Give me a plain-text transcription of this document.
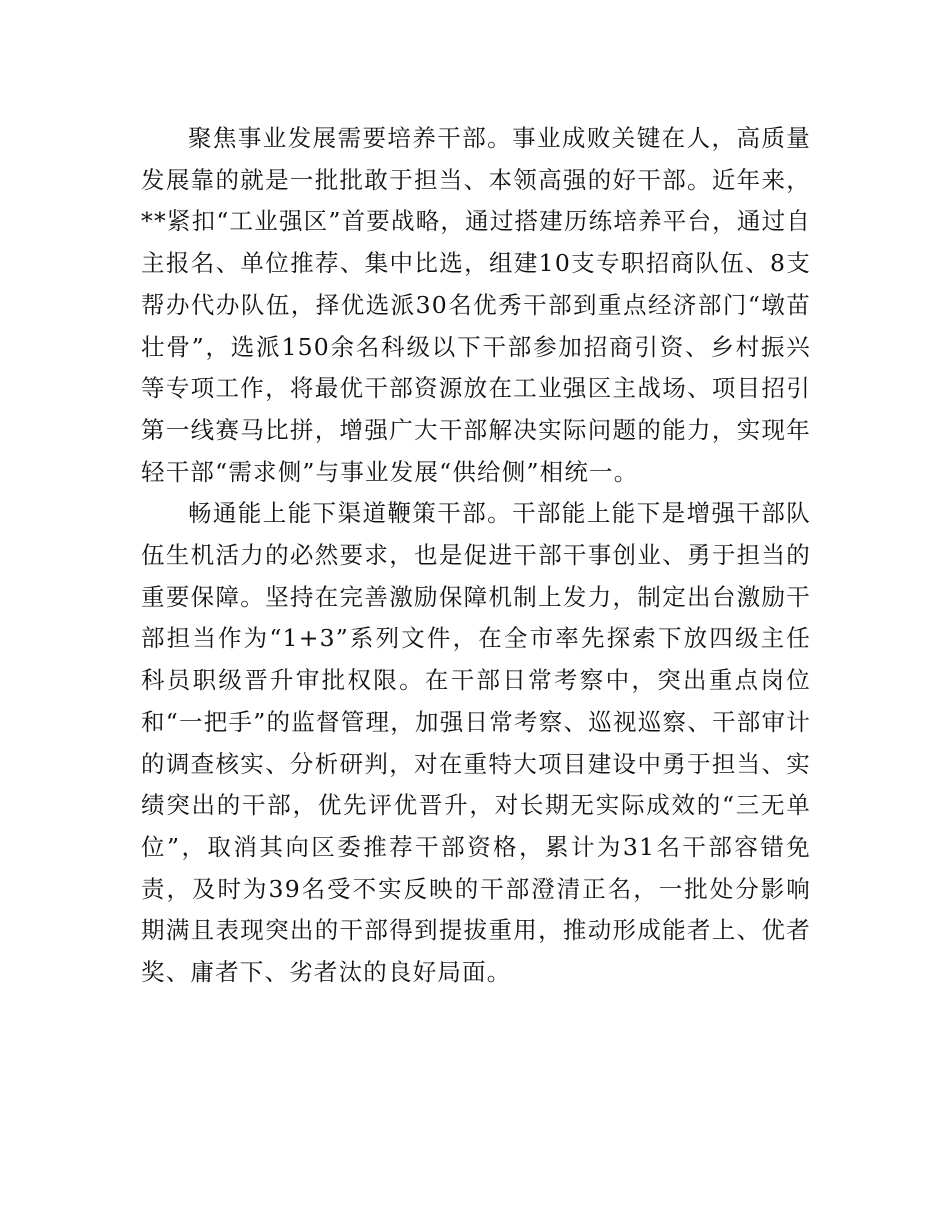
聚焦事业发展需要培养干部。事业成败关键在人，高质量发展靠的就是一批批敢于担当、本领高强的好干部。近年来，**紧扣“工业强区”首要战略，通过搭建历练培养平台，通过自主报名、单位推荐、集中比选，组建10支专职招商队伍、8支帮办代办队伍，择优选派30名优秀干部到重点经济部门“墩苗壮骨”，选派150余名科级以下干部参加招商引资、乡村振兴等专项工作，将最优干部资源放在工业强区主战场、项目招引第一线赛马比拼，增强广大干部解决实际问题的能力，实现年轻干部“需求侧”与事业发展“供给侧”相统一。

畅通能上能下渠道鞭策干部。干部能上能下是增强干部队伍生机活力的必然要求，也是促进干部干事创业、勇于担当的重要保障。坚持在完善激励保障机制上发力，制定出台激励干部担当作为“1+3”系列文件，在全市率先探索下放四级主任科员职级晋升审批权限。在干部日常考察中，突出重点岗位和“一把手”的监督管理，加强日常考察、巡视巡察、干部审计的调查核实、分析研判，对在重特大项目建设中勇于担当、实绩突出的干部，优先评优晋升，对长期无实际成效的“三无单位”，取消其向区委推荐干部资格，累计为31名干部容错免责，及时为39名受不实反映的干部澄清正名，一批处分影响期满且表现突出的干部得到提拔重用，推动形成能者上、优者奖、庸者下、劣者汰的良好局面。
